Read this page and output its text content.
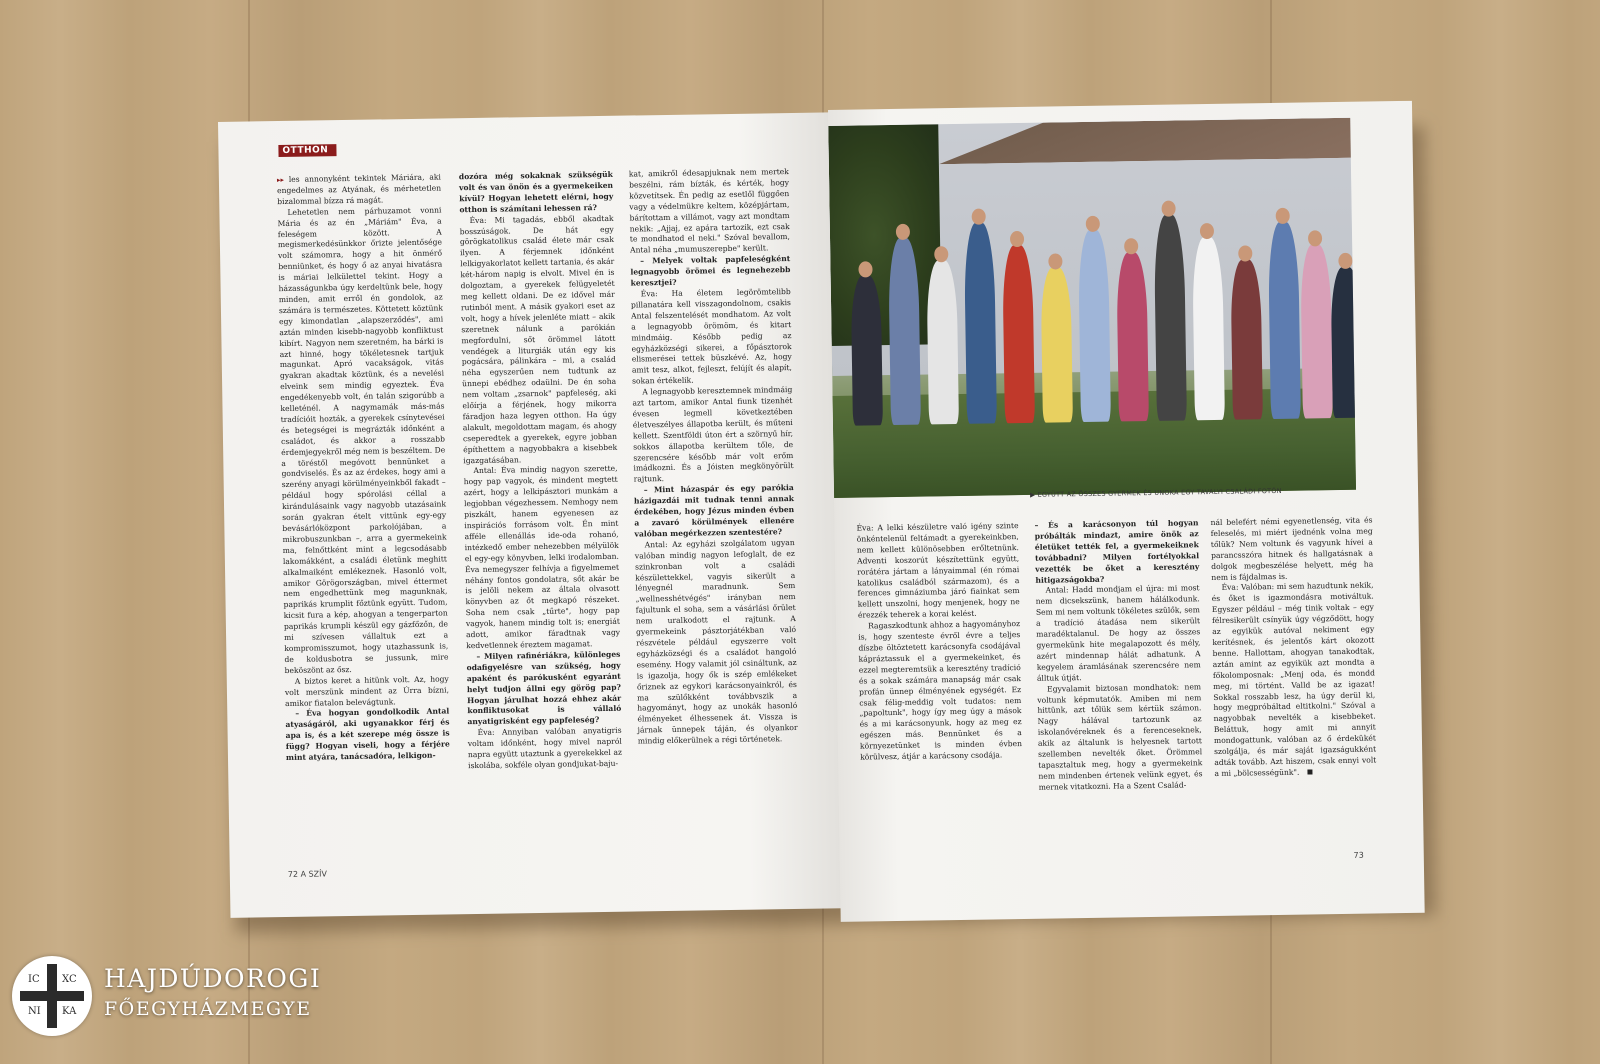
OTTHON

▸▸ les annonyként tekintek Máriára, aki engedelmes az Atyának, és mérhetetlen bizalommal bízza rá magát.

Lehetetlen nem párhuzamot vonni Mária és az én „Máriám" Éva, a feleségem között. A megismerkedésünkkor őrizte jelentősége volt számomra, hogy a hit önmérő benniünket, és hogy ő az anyai hivatásra is máriai lelkülettel tekint. Hogy a házasságunkba úgy kerdeltünk bele, hogy minden, amit erről én gondolok, az számára is természetes. Köttetett köztünk egy kimondatlan „alapszerződés", ami aztán minden kisebb-nagyobb konfliktust kibírt. Nagyon nem szeretném, ha bárki is azt hinné, hogy tökéletesnek tartjuk magunkat. Apró vacakságok, vitás gyakran akadtak köztünk, és a nevelési elveink sem mindig egyeztek. Éva engedékenyebb volt, én talán szigorúbb a kelleténél. A nagymamák más-más tradícióit hozták, a gyerekek csínytevései és betegségei is megrázták időnként a családot, és akkor a rosszabb érdemjegyekről még nem is beszéltem. De a töréstől megóvott bennünket a gondviselés. És az az érdekes, hogy ami a szerény anyagi körülményeinkből fakadt – például hogy spórolási céllal a kirándulásaink vagy nagyobb utazásaink során gyakran ételt vittünk egy-egy bevásárlóközpont parkolójában, a mikrobuszunkban –, arra a gyermekeink ma, felnőttként mint a legcsodásabb lakomákként, a családi életünk meghitt alkalmaiként emlékeznek. Hasonló volt, amikor Görögországban, mivel éttermet nem engedhettünk meg magunknak, paprikás krumplit főztünk együtt. Tudom, kicsit fura a kép, ahogyan a tengerparton paprikás krumpli készül egy gázfőzőn, de mi szívesen vállaltuk ezt a kompromisszumot, hogy utazhassunk is, de koldusbotra se jussunk, mire beköszönt az ősz.

A biztos keret a hitünk volt. Az, hogy volt merszünk mindent az Úrra bízni, amikor fiatalon belevágtunk.

– Éva hogyan gondolkodik Antal atyaságáról, aki ugyanakkor férj és apa is, és a két szerepe még össze is függ? Hogyan viseli, hogy a férjére mint atyára, tanácsadóra, lelkigon-

dozóra még sokaknak szükségük volt és van önön és a gyermekeiken kívül? Hogyan lehetett elérni, hogy otthon is számítani lehessen rá?

Éva: Mi tagadás, ebből akadtak bosszúságok. De hát egy görögkatolikus család élete már csak ilyen. A férjemnek időnként lelkigyakorlatot kellett tartania, és akár két-három napig is elvolt. Mivel én is dolgoztam, a gyerekek felügyeletét meg kellett oldani. De ez idővel már rutinból ment. A másik gyakori eset az volt, hogy a hívek jelenléte miatt – akik szeretnek nálunk a parókián megfordulni, sőt örömmel látott vendégek a liturgiák után egy kis pogácsára, pálinkára – mi, a család néha egyszerűen nem tudtunk az ünnepi ebédhez odaülni. De én soha nem voltam „zsarnok" papfeleség, aki előírja a férjének, hogy mikorra fáradjon haza legyen otthon. Ha úgy alakult, megoldottam magam, és ahogy cseperedtek a gyerekek, egyre jobban építhettem a nagyobbakra a kisebbek igazgatásában.

Antal: Éva mindig nagyon szerette, hogy pap vagyok, és mindent megtett azért, hogy a lelkipásztori munkám a legjobban végezhessem. Nemhogy nem piszkált, hanem egyenesen az inspirációs forrásom volt. Én mint afféle ellenállás ide-oda rohanó, intézkedő ember nehezebben mélyülök el egy-egy könyvben, lelki irodalomban. Éva nemegyszer felhívja a figyelmemet néhány fontos gondolatra, sőt akár be is jelöli nekem az általa olvasott könyvben az őt megkapó részeket. Soha nem csak „tűrte", hogy pap vagyok, hanem mindig tolt is; energiát adott, amikor fáradtnak vagy kedvetlennek éreztem magamat.

– Milyen rafinériákra, különleges odafigyelésre van szükség, hogy apaként és parókusként egyaránt helyt tudjon állni egy görög pap? Hogyan járulhat hozzá ehhez akár konfliktusokat is vállaló anyatigrisként egy papfeleség?

Éva: Annyiban valóban anyatigris voltam időnként, hogy mivel napról napra együtt utaztunk a gyerekekkel az iskolába, sokféle olyan gondjukat-baju-

kat, amikről édesapjuknak nem mertek beszélni, rám bízták, és kérték, hogy közvetítsek. Én pedig az esetlől függően vagy a védelmükre keltem, középjártam, bárítottam a villámot, vagy azt mondtam nekik: „Ajjaj, ez apára tartozik, ezt csak te mondhatod el neki." Szóval bevallom, Antal néha „mumuszerepbe" került.

– Melyek voltak papfeleségként legnagyobb örömei és legnehezebb keresztjei?

Éva: Ha életem legörömtelibb pillanatára kell visszagondolnom, csakis Antal felszentelését mondhatom. Az volt a legnagyobb örömöm, és kitart mindmáig. Később pedig az egyházközségi sikerei, a főpásztorok elismerései tettek büszkévé. Az, hogy amit tesz, alkot, fejleszt, felújít és alapít, sokan értékelik.

A legnagyobb keresztemnek mindmáig azt tartom, amikor Antal fiunk tizenhét évesen legmell következtében életveszélyes állapotba került, és műteni kellett. Szentföldi úton ért a szörnyű hír, sokkos állapotba kerültem tőle, de szerencsére később már volt erőm imádkozni. És a Jóisten megkönyörült rajtunk.

– Mint házaspár és egy parókia házigazdái mit tudnak tenni annak érdekében, hogy Jézus minden évben a zavaró körülmények ellenére valóban megérkezzen szentestére?

Antal: Az egyházi szolgálatom ugyan valóban mindig nagyon lefoglalt, de ez szinkronban volt a családi készülettekkel, vagyis sikerült a lényegnél maradnunk. Sem „wellnesshétvégés" irányban nem fajultunk el soha, sem a vásárlási őrület nem uralkodott el rajtunk. A gyermekeink pásztorjátékban való részvétele például egyszerre volt egyházközségi és a családot hangoló esemény. Hogy valamit jól csináltunk, az is igazolja, hogy ők is szép emlékeket őriznek az egykori karácsonyainkról, és ma szülőkként továbbvszik a hagyományt, hogy az unokák hasonló élményeket élhessenek át. Vissza is járnak ünnepek táján, és olyankor mindig előkerülnek a régi történetek.

72 A SZÍV
▶ EGYÜTT AZ ÖSSZES GYERMEK ÉS UNOKA EGY TAVALYI CSALÁDI FOTÓN

Éva: A lelki készületre való igény szinte önkéntelenül feltámadt a gyerekeinkben, nem kellett különösebben erőltetnünk. Adventi koszorút készítettünk együtt, rorátéra jártam a lányaimmal (én római katolikus családból származom), és a ferences gimnáziumba járó fiainkat sem kellett unszolni, hogy menjenek, hogy ne érezzék teherek a korai kelést.

Ragaszkodtunk ahhoz a hagyományhoz is, hogy szenteste évről évre a teljes díszbe öltöztetett karácsonyfa csodájával kápráztassuk el a gyermekeinket, és ezzel megteremtsük a keresztény tradíció és a sokak számára manapság már csak profán ünnep élményének egységét. Ez csak félig-meddig volt tudatos: nem „papoltunk", hogy így meg úgy a mások és a mi karácsonyunk, hogy az meg ez egészen más. Bennünket és a környezetünket is minden évben körülvesz, átjár a karácsony csodája.

– És a karácsonyon túl hogyan próbálták mindazt, amire önök az életüket tették fel, a gyermekeiknek továbbadni? Milyen fortélyokkal vezették be őket a keresztény hitigazságokba?

Antal: Hadd mondjam el újra: mi most nem dicsekszünk, hanem hálálkodunk. Sem mi nem voltunk tökéletes szülők, sem a tradíció átadása nem sikerült maradéktalanul. De hogy az összes gyermekünk hite megalapozott és mély, azért mindennap hálát adhatunk. A kegyelem áramlásának szerencsére nem álltuk útját.

Egyvalamit biztosan mondhatok: nem voltunk képmutatók. Amiben mi nem hittünk, azt tőlük sem kértük számon. Nagy hálával tartozunk az iskolanővéreknek és a ferenceseknek, akik az általunk is helyesnek tartott szellemben nevelték őket. Örömmel tapasztaltuk meg, hogy a gyermekeink nem mindenben értenek velünk egyet, és mernek vitatkozni. Ha a Szent Család-

nál belefért némi egyenetlenség, vita és feleselés, mi miért ijednénk volna meg tőlük? Nem voltunk és vagyunk hívei a parancsszóra hitnek és hallgatásnak a dolgok megbeszélése helyett, még ha nem is fájdalmas is.

Éva: Valóban: mi sem hazudtunk nekik, és őket is igazmondásra motiváltuk. Egyszer például – még tinik voltak – egy félresikerült csínyük úgy végződött, hogy az egyikük autóval nekiment egy kerítésnek, és jelentős kárt okozott benne. Hallottam, ahogyan tanakodtak, aztán amint az egyikük azt mondta a főkolomposnak: „Menj oda, és mondd meg, mi történt. Valld be az igazat! Sokkal rosszabb lesz, ha úgy derül ki, hogy megpróbáltad eltitkolni." Szóval a nagyobbak nevelték a kisebbeket. Beláttuk, hogy amit mi annyit mondogattunk, valóban az ő érdekükét szolgálja, és már saját igazságukként adták tovább. Azt hiszem, csak ennyi volt a mi „bölcsességünk".

73
IC XC
NI KA
HAJDÚDOROGI
FŐEGYHÁZMEGYE
